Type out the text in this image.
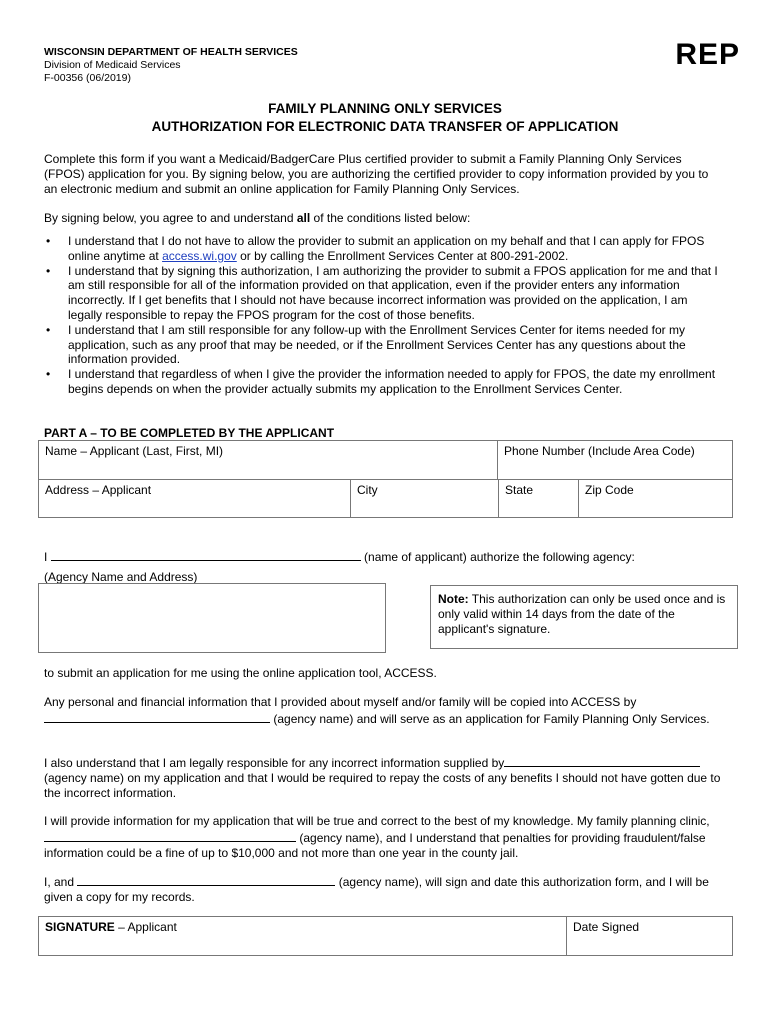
WISCONSIN DEPARTMENT OF HEALTH SERVICES
Division of Medicaid Services
F-00356 (06/2019)
REP
FAMILY PLANNING ONLY SERVICES
AUTHORIZATION FOR ELECTRONIC DATA TRANSFER OF APPLICATION
Complete this form if you want a Medicaid/BadgerCare Plus certified provider to submit a Family Planning Only Services (FPOS) application for you. By signing below, you are authorizing the certified provider to copy information provided by you to an electronic medium and submit an online application for Family Planning Only Services.
By signing below, you agree to and understand all of the conditions listed below:
• I understand that I do not have to allow the provider to submit an application on my behalf and that I can apply for FPOS online anytime at access.wi.gov or by calling the Enrollment Services Center at 800-291-2002.
• I understand that by signing this authorization, I am authorizing the provider to submit a FPOS application for me and that I am still responsible for all of the information provided on that application, even if the provider enters any information incorrectly. If I get benefits that I should not have because incorrect information was provided on the application, I am legally responsible to repay the FPOS program for the cost of those benefits.
• I understand that I am still responsible for any follow-up with the Enrollment Services Center for items needed for my application, such as any proof that may be needed, or if the Enrollment Services Center has any questions about the information provided.
• I understand that regardless of when I give the provider the information needed to apply for FPOS, the date my enrollment begins depends on when the provider actually submits my application to the Enrollment Services Center.
PART A – TO BE COMPLETED BY THE APPLICANT
Name – Applicant (Last, First, MI)	Phone Number (Include Area Code)
Address – Applicant	City	State	Zip Code
I	(name of applicant) authorize the following agency:
(Agency Name and Address)
Note: This authorization can only be used once and is only valid within 14 days from the date of the applicant's signature.
to submit an application for me using the online application tool, ACCESS.
Any personal and financial information that I provided about myself and/or family will be copied into ACCESS by
(agency name) and will serve as an application for Family Planning Only Services.
I also understand that I am legally responsible for any incorrect information supplied by (agency name) on my application and that I would be required to repay the costs of any benefits I should not have gotten due to the incorrect information.
I will provide information for my application that will be true and correct to the best of my knowledge. My family planning clinic,  (agency name), and I understand that penalties for providing fraudulent/false information could be a fine of up to $10,000 and not more than one year in the county jail.
I, and	(agency name), will sign and date this authorization form, and I will be given a copy for my records.
SIGNATURE – Applicant	Date Signed
